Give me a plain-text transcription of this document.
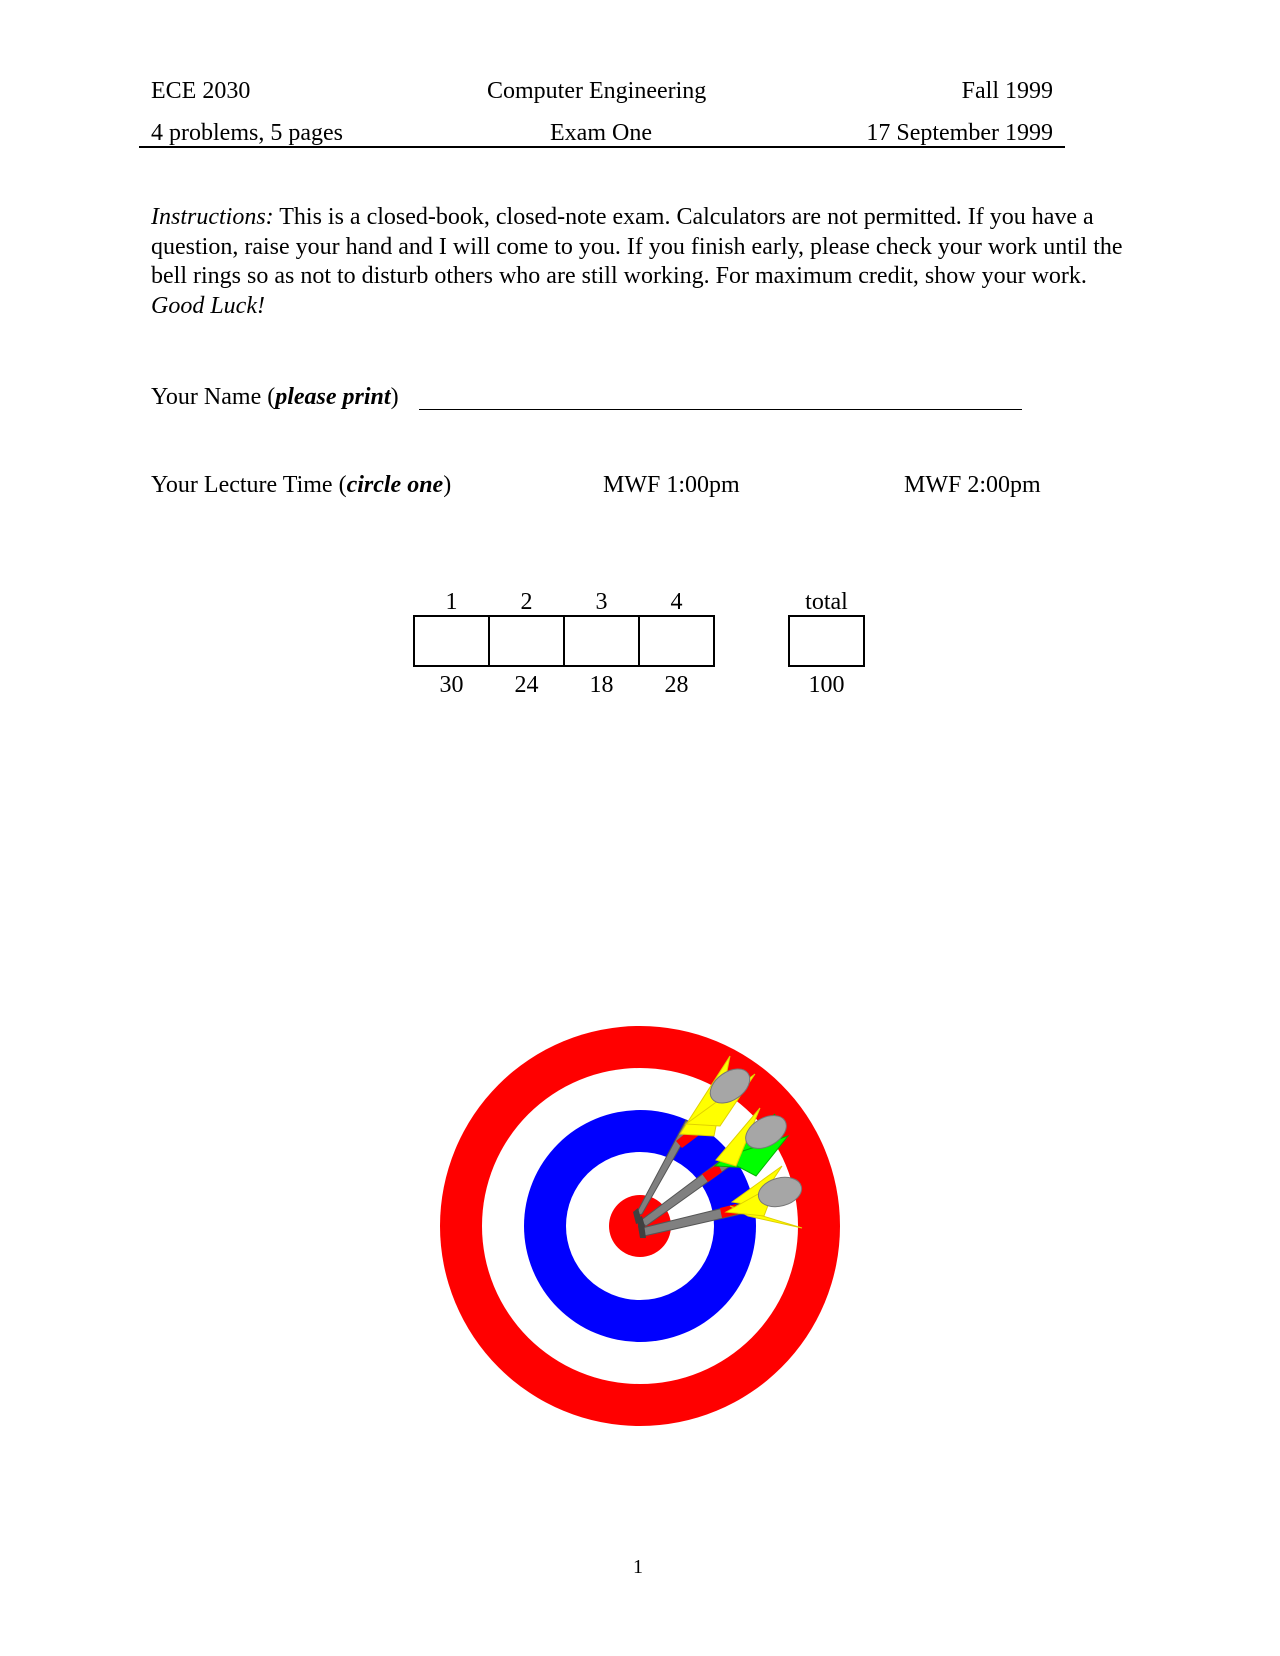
ECE 2030	Computer Engineering	Fall 1999
4 problems, 5 pages	Exam One	17 September 1999
Instructions: This is a closed-book, closed-note exam. Calculators are not permitted. If you have a question, raise your hand and I will come to you. If you finish early, please check your work until the bell rings so as not to disturb others who are still working. For maximum credit, show your work. Good Luck!
Your Name (please print)
Your Lecture Time (circle one)	MWF 1:00pm	MWF 2:00pm
1	2	3	4	total
30	24	18	28	100
1
